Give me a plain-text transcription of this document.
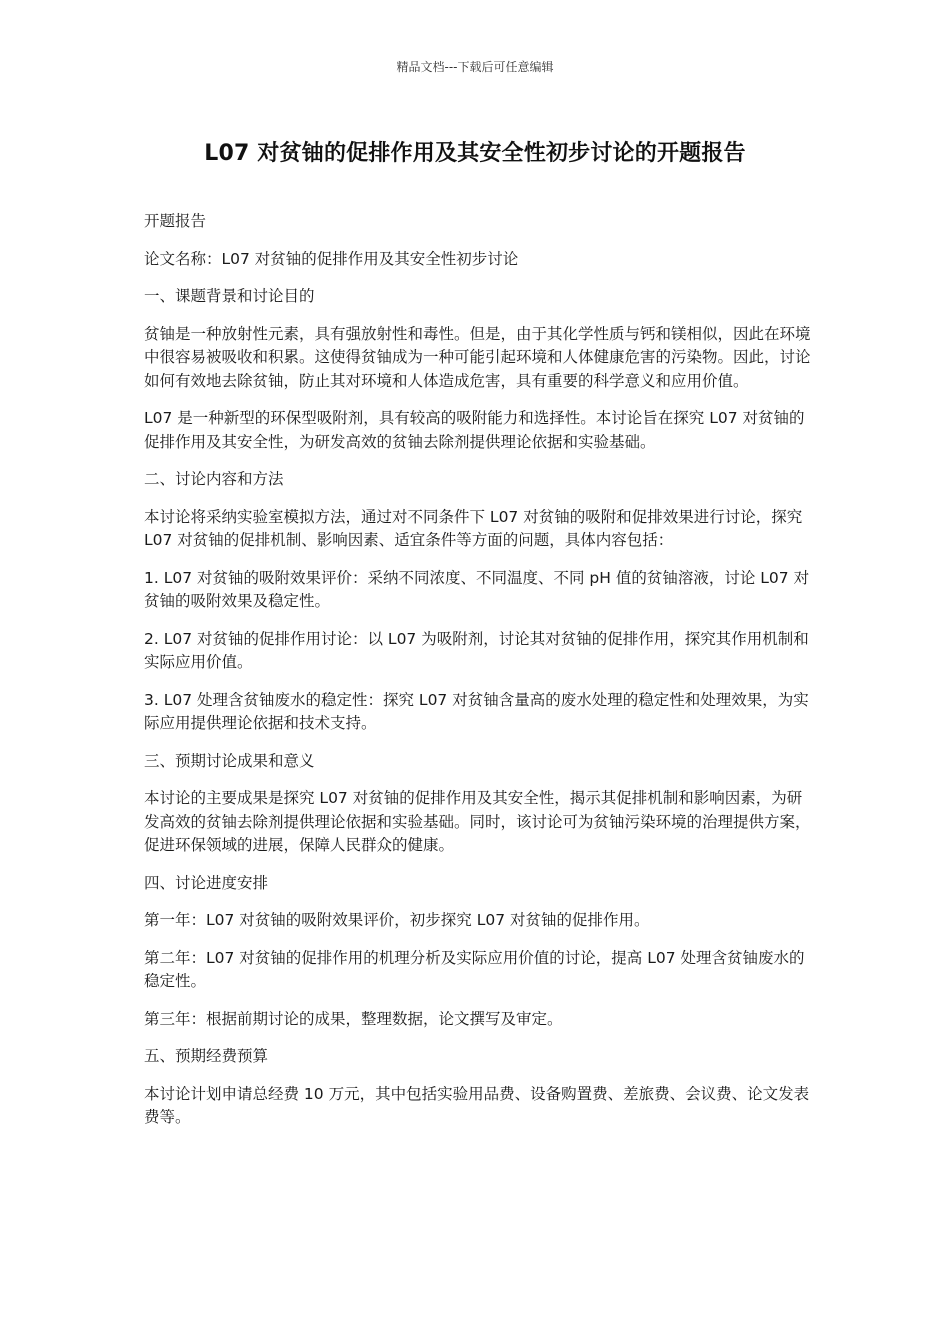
精品文档---下载后可任意编辑
L07 对贫铀的促排作用及其安全性初步讨论的开题报告

开题报告

论文名称：L07 对贫铀的促排作用及其安全性初步讨论

一、课题背景和讨论目的

贫铀是一种放射性元素，具有强放射性和毒性。但是，由于其化学性质与钙和镁相似，因此在环境中很容易被吸收和积累。这使得贫铀成为一种可能引起环境和人体健康危害的污染物。因此，讨论如何有效地去除贫铀，防止其对环境和人体造成危害，具有重要的科学意义和应用价值。

L07 是一种新型的环保型吸附剂，具有较高的吸附能力和选择性。本讨论旨在探究 L07 对贫铀的促排作用及其安全性，为研发高效的贫铀去除剂提供理论依据和实验基础。

二、讨论内容和方法

本讨论将采纳实验室模拟方法，通过对不同条件下 L07 对贫铀的吸附和促排效果进行讨论，探究 L07 对贫铀的促排机制、影响因素、适宜条件等方面的问题，具体内容包括：

1. L07 对贫铀的吸附效果评价：采纳不同浓度、不同温度、不同 pH 值的贫铀溶液，讨论 L07 对贫铀的吸附效果及稳定性。

2. L07 对贫铀的促排作用讨论：以 L07 为吸附剂，讨论其对贫铀的促排作用，探究其作用机制和实际应用价值。

3. L07 处理含贫铀废水的稳定性：探究 L07 对贫铀含量高的废水处理的稳定性和处理效果，为实际应用提供理论依据和技术支持。

三、预期讨论成果和意义

本讨论的主要成果是探究 L07 对贫铀的促排作用及其安全性，揭示其促排机制和影响因素，为研发高效的贫铀去除剂提供理论依据和实验基础。同时，该讨论可为贫铀污染环境的治理提供方案，促进环保领域的进展，保障人民群众的健康。

四、讨论进度安排

第一年：L07 对贫铀的吸附效果评价，初步探究 L07 对贫铀的促排作用。

第二年：L07 对贫铀的促排作用的机理分析及实际应用价值的讨论，提高 L07 处理含贫铀废水的稳定性。

第三年：根据前期讨论的成果，整理数据，论文撰写及审定。

五、预期经费预算

本讨论计划申请总经费 10 万元，其中包括实验用品费、设备购置费、差旅费、会议费、论文发表费等。
